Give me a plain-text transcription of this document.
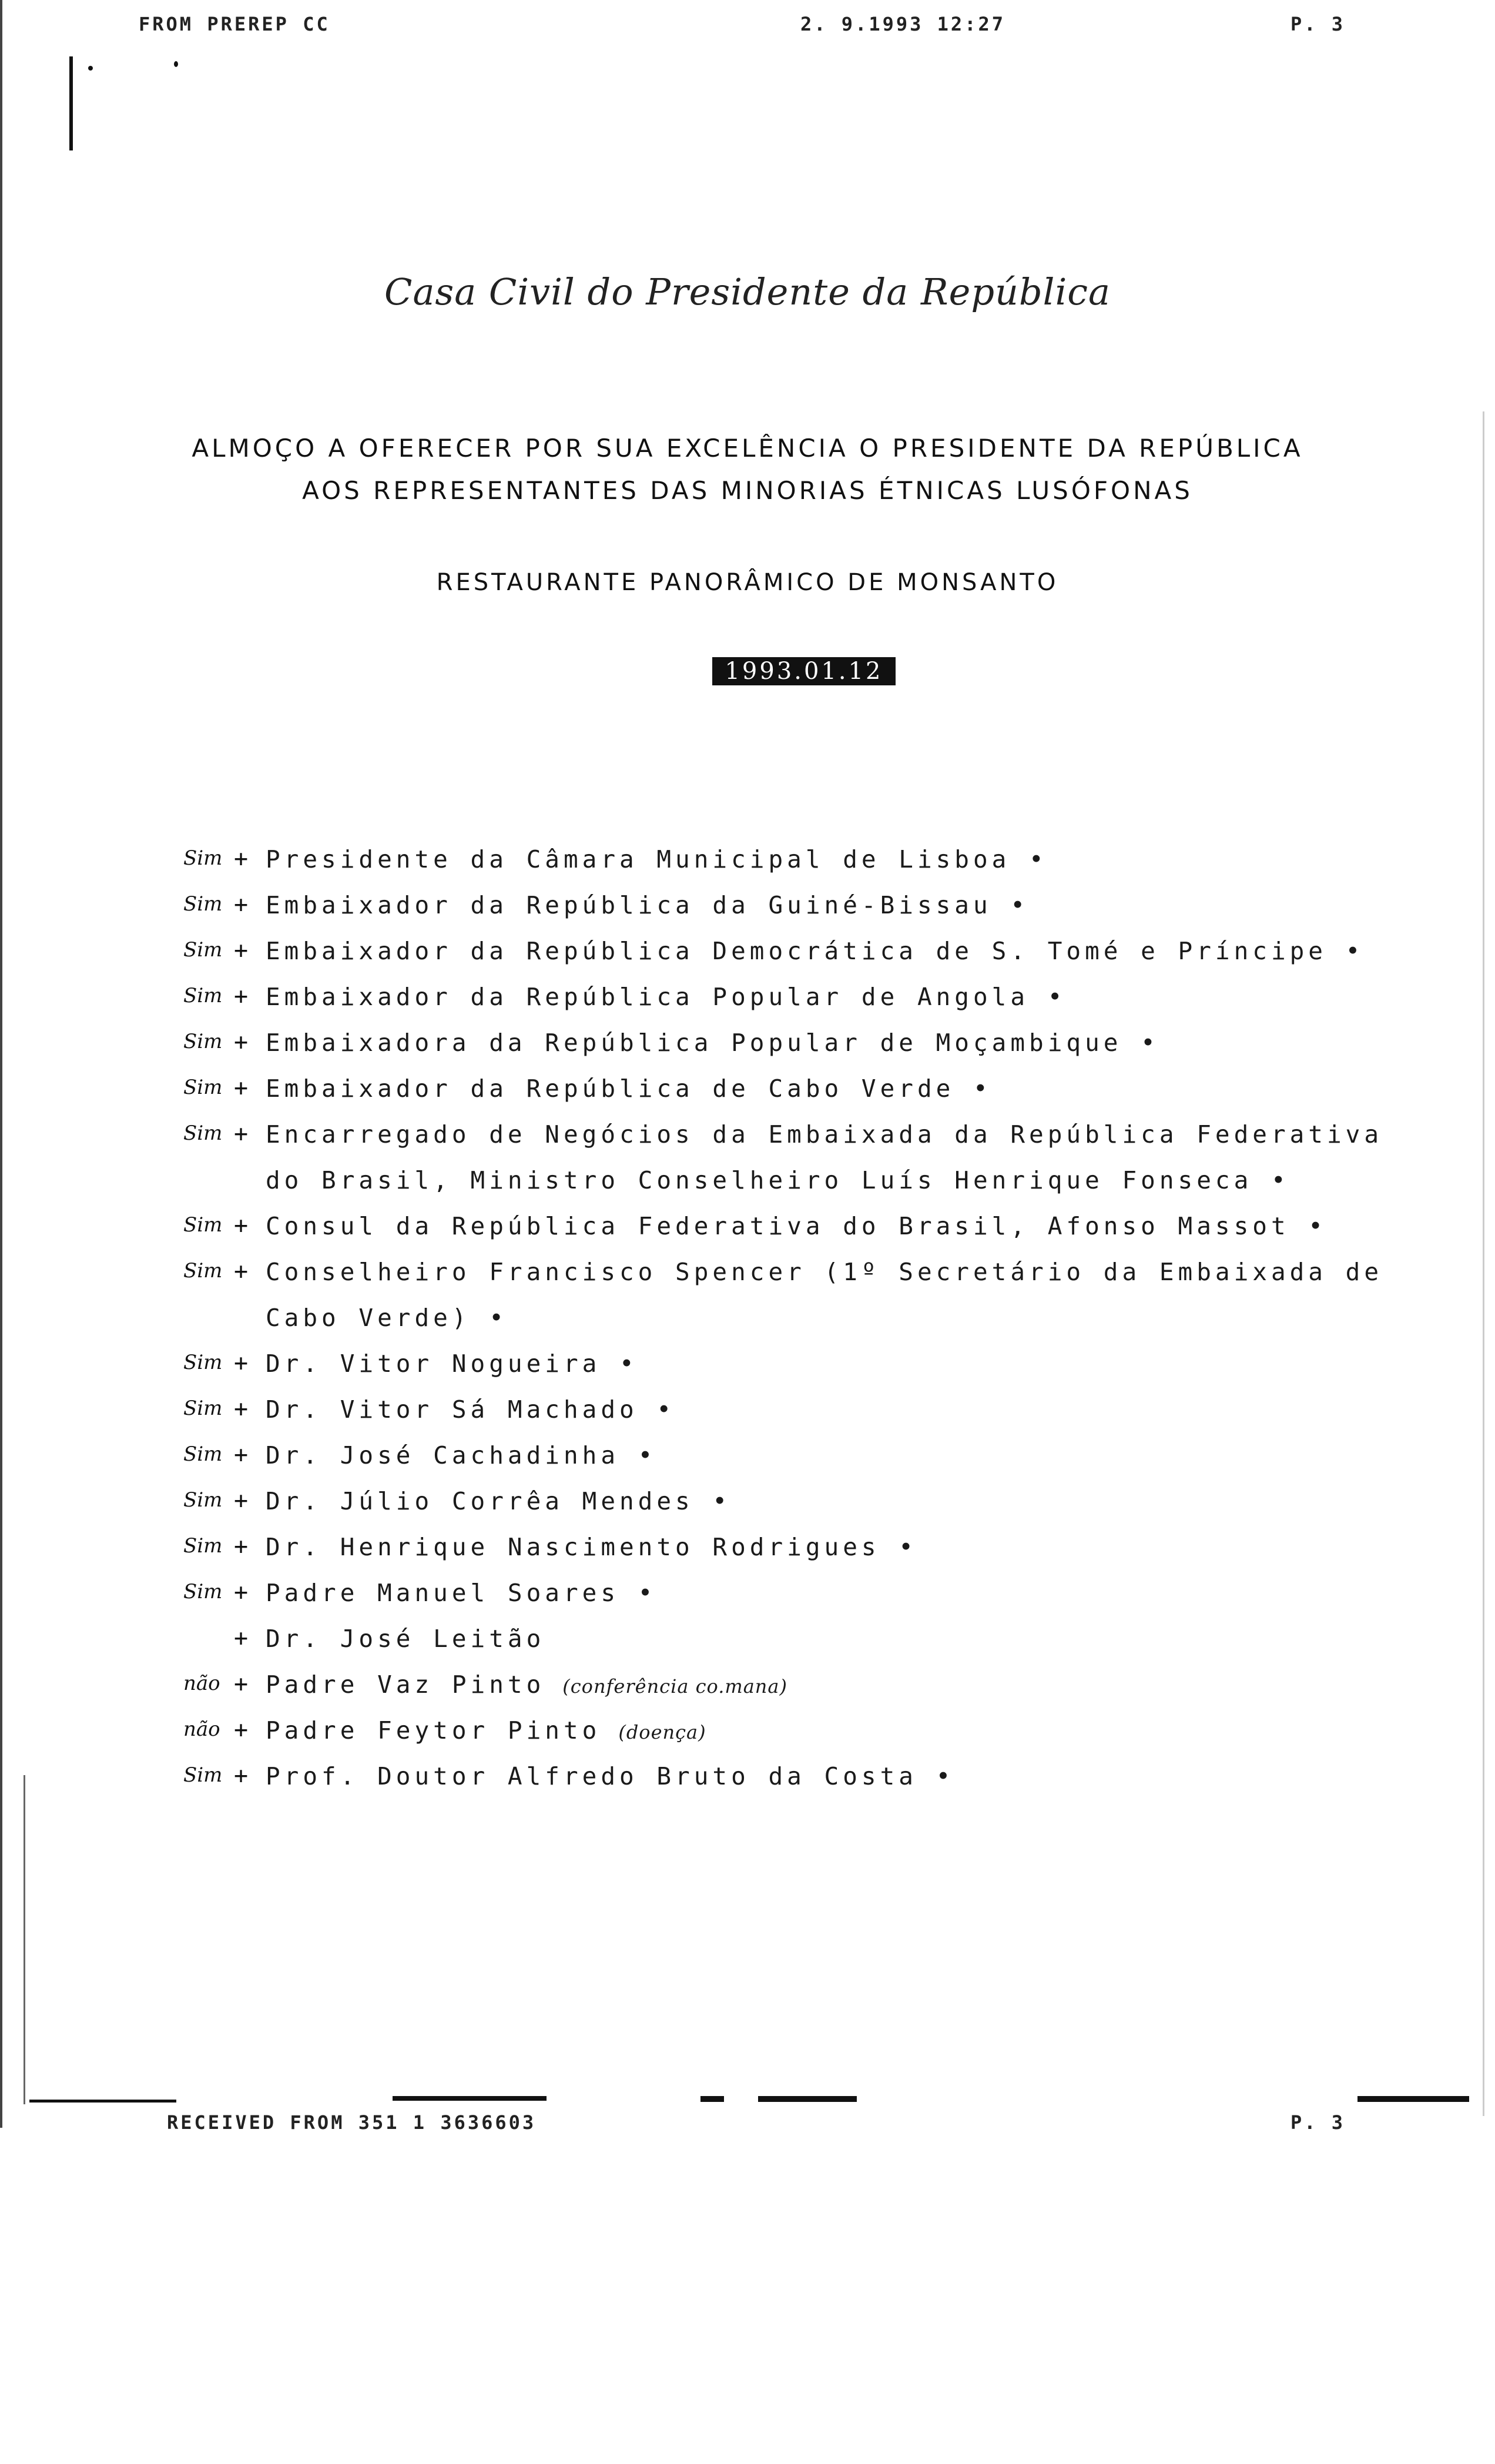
FROM PREREP CC	2. 9.1993 12:27	P. 3
Casa Civil do Presidente da República
ALMOÇO A OFERECER POR SUA EXCELÊNCIA O PRESIDENTE DA REPÚBLICA
AOS REPRESENTANTES DAS MINORIAS ÉTNICAS LUSÓFONAS
RESTAURANTE PANORÂMICO DE MONSANTO
1993.01.12
Sim + Presidente da Câmara Municipal de Lisboa •
Sim + Embaixador da República da Guiné-Bissau •
Sim + Embaixador da República Democrática de S. Tomé e Príncipe •
Sim + Embaixador da República Popular de Angola •
Sim + Embaixadora da República Popular de Moçambique •
Sim + Embaixador da República de Cabo Verde •
Sim + Encarregado de Negócios da Embaixada da República Federativa
do Brasil, Ministro Conselheiro Luís Henrique Fonseca •
Sim + Consul da República Federativa do Brasil, Afonso Massot •
Sim + Conselheiro Francisco Spencer (1º Secretário da Embaixada de
Cabo Verde) •
Sim + Dr. Vitor Nogueira •
Sim + Dr. Vitor Sá Machado •
Sim + Dr. José Cachadinha •
Sim + Dr. Júlio Corrêa Mendes •
Sim + Dr. Henrique Nascimento Rodrigues •
Sim + Padre Manuel Soares •
+ Dr. José Leitão
não + Padre Vaz Pinto (conferência co.mana)
não + Padre Feytor Pinto (doença)
Sim + Prof. Doutor Alfredo Bruto da Costa •
RECEIVED FROM 351 1 3636603	P. 3
